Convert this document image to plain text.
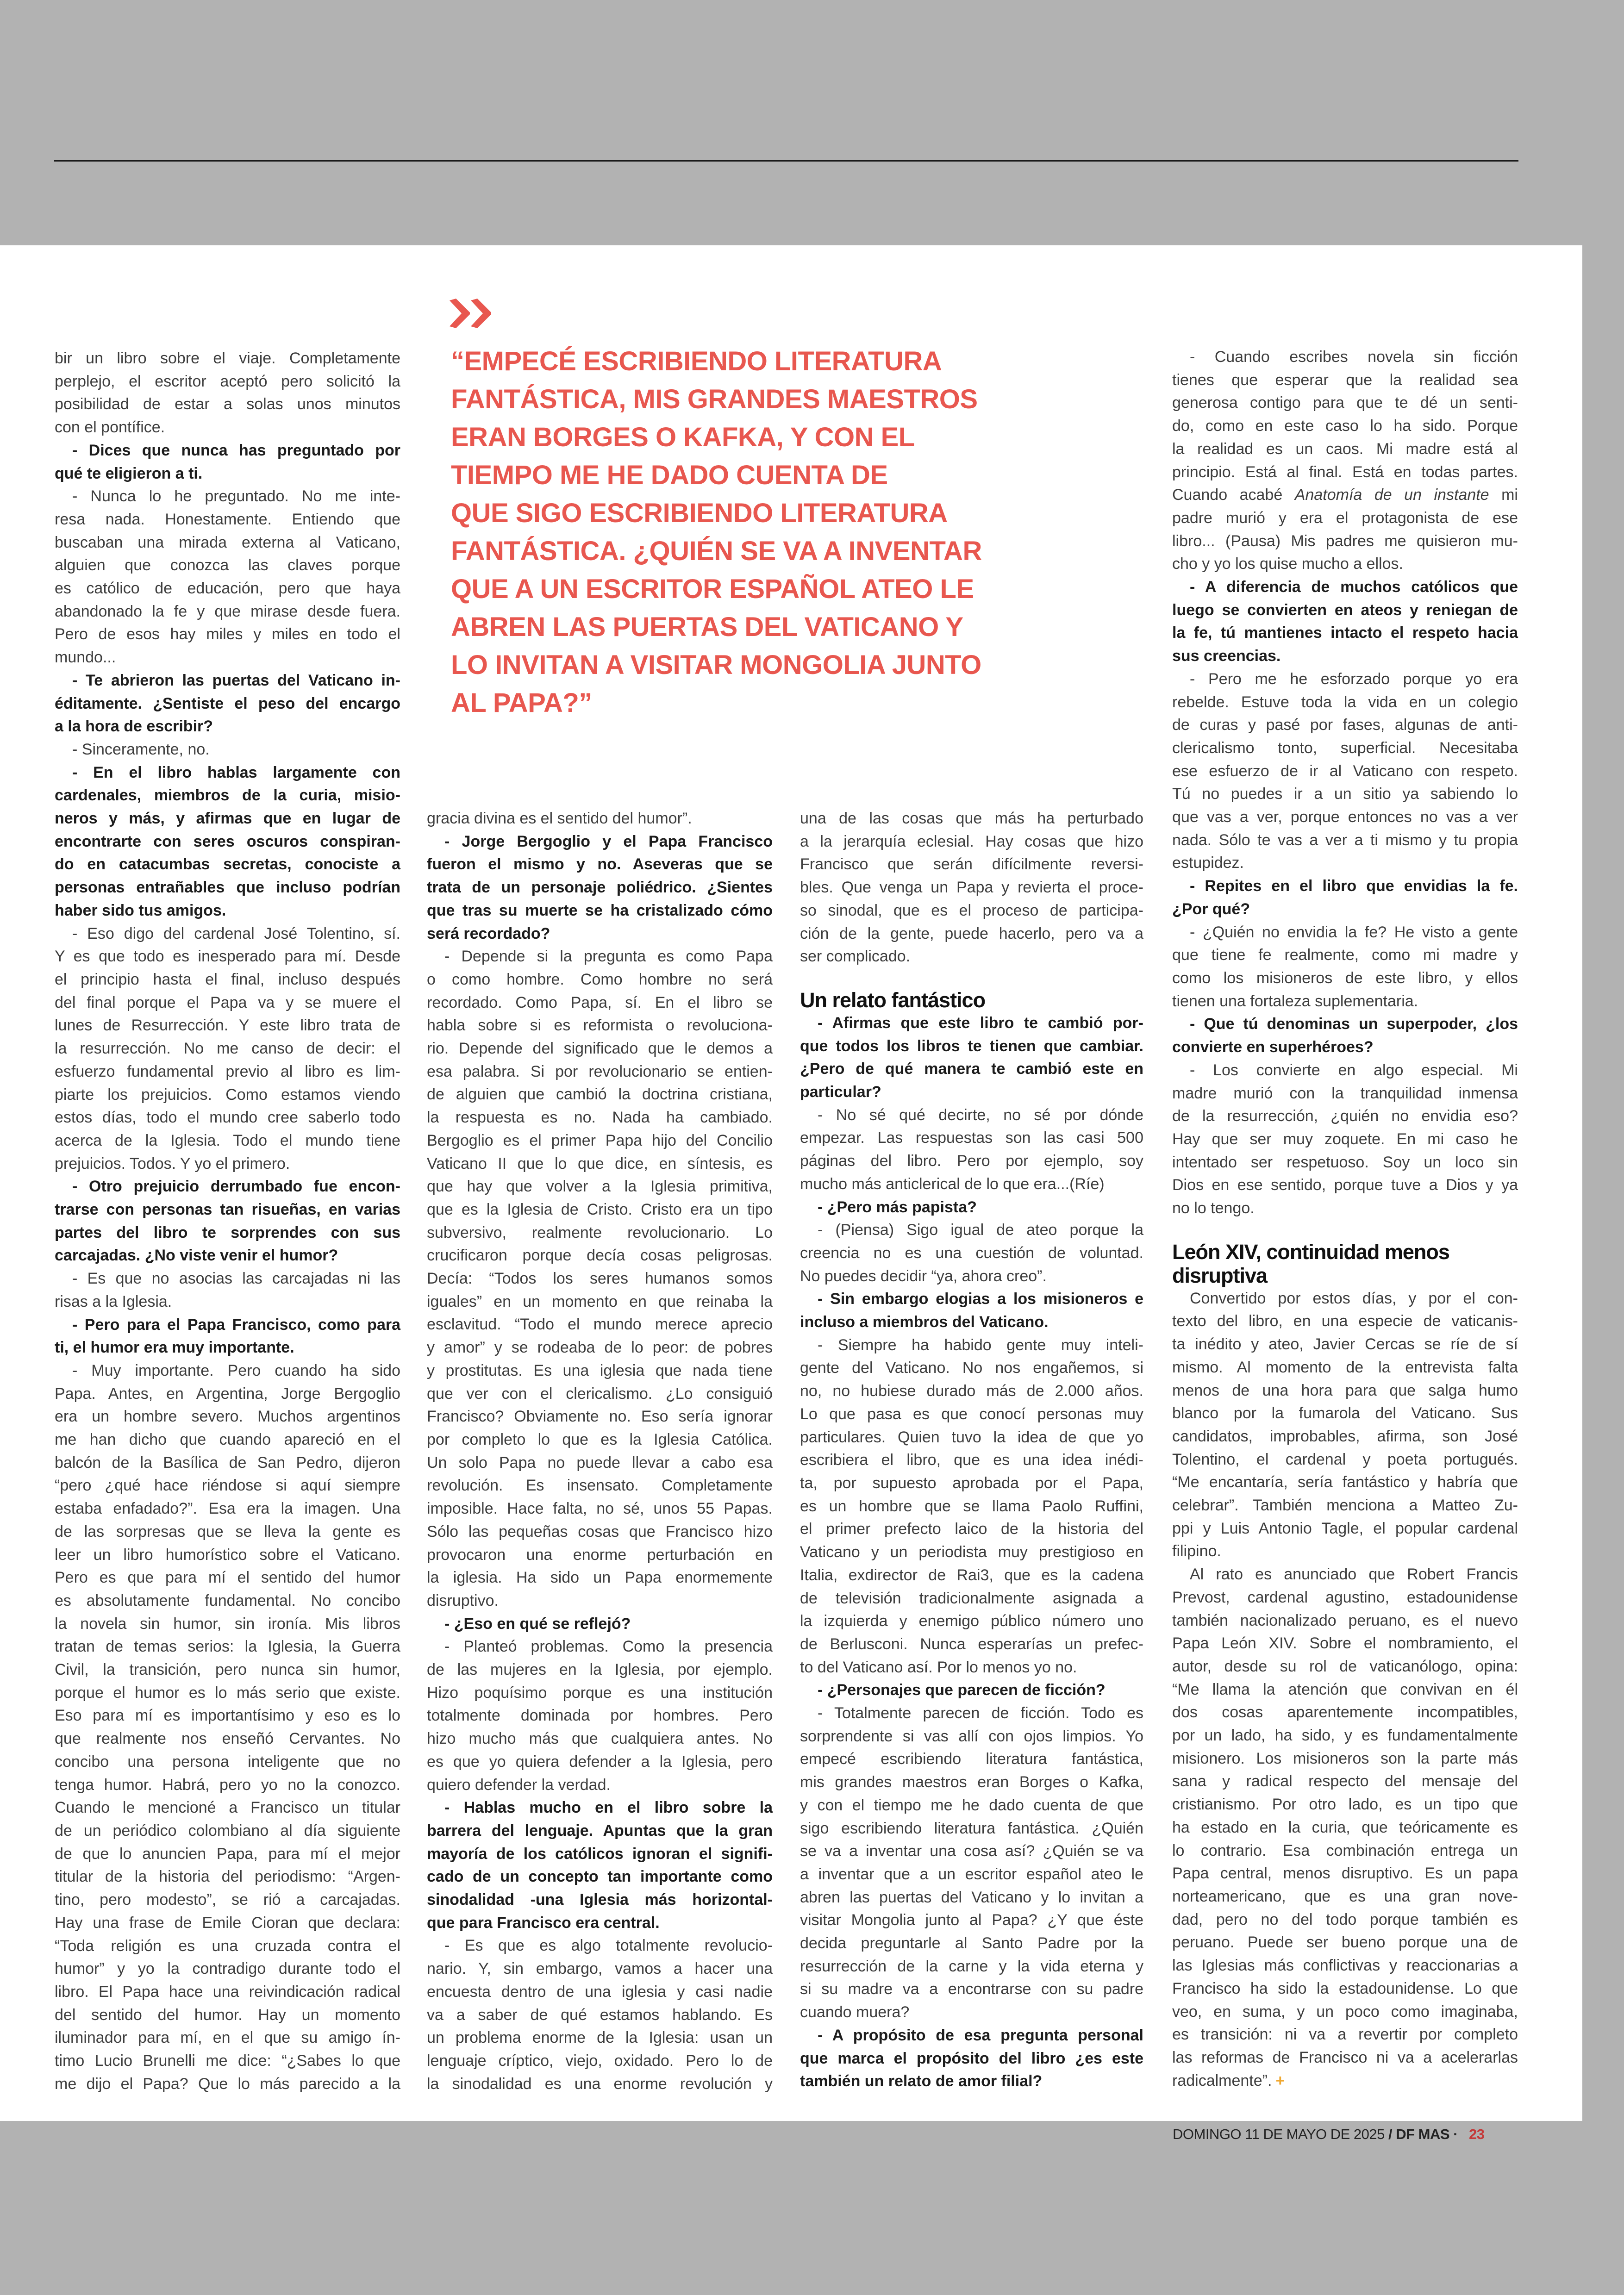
“EMPECÉ ESCRIBIENDO LITERATURA
FANTÁSTICA, MIS GRANDES MAESTROS
ERAN BORGES O KAFKA, Y CON EL
TIEMPO ME HE DADO CUENTA DE
QUE SIGO ESCRIBIENDO LITERATURA
FANTÁSTICA. ¿QUIÉN SE VA A INVENTAR
QUE A UN ESCRITOR ESPAÑOL ATEO LE
ABREN LAS PUERTAS DEL VATICANO Y
LO INVITAN A VISITAR MONGOLIA JUNTO
AL PAPA?”
bir un libro sobre el viaje. Completamente
perplejo, el escritor aceptó pero solicitó la
posibilidad de estar a solas unos minutos
con el pontífice.
- Dices que nunca has preguntado por
qué te eligieron a ti.
- Nunca lo he preguntado. No me inte-
resa nada. Honestamente. Entiendo que
buscaban una mirada externa al Vaticano,
alguien que conozca las claves porque
es católico de educación, pero que haya
abandonado la fe y que mirase desde fuera.
Pero de esos hay miles y miles en todo el
mundo...
- Te abrieron las puertas del Vaticano in-
éditamente. ¿Sentiste el peso del encargo
a la hora de escribir?
- Sinceramente, no.
- En el libro hablas largamente con
cardenales, miembros de la curia, misio-
neros y más, y afirmas que en lugar de
encontrarte con seres oscuros conspiran-
do en catacumbas secretas, conociste a
personas entrañables que incluso podrían
haber sido tus amigos.
- Eso digo del cardenal José Tolentino, sí.
Y es que todo es inesperado para mí. Desde
el principio hasta el final, incluso después
del final porque el Papa va y se muere el
lunes de Resurrección. Y este libro trata de
la resurrección. No me canso de decir: el
esfuerzo fundamental previo al libro es lim-
piarte los prejuicios. Como estamos viendo
estos días, todo el mundo cree saberlo todo
acerca de la Iglesia. Todo el mundo tiene
prejuicios. Todos. Y yo el primero.
- Otro prejuicio derrumbado fue encon-
trarse con personas tan risueñas, en varias
partes del libro te sorprendes con sus
carcajadas. ¿No viste venir el humor?
- Es que no asocias las carcajadas ni las
risas a la Iglesia.
- Pero para el Papa Francisco, como para
ti, el humor era muy importante.
- Muy importante. Pero cuando ha sido
Papa. Antes, en Argentina, Jorge Bergoglio
era un hombre severo. Muchos argentinos
me han dicho que cuando apareció en el
balcón de la Basílica de San Pedro, dijeron
“pero ¿qué hace riéndose si aquí siempre
estaba enfadado?”. Esa era la imagen. Una
de las sorpresas que se lleva la gente es
leer un libro humorístico sobre el Vaticano.
Pero es que para mí el sentido del humor
es absolutamente fundamental. No concibo
la novela sin humor, sin ironía. Mis libros
tratan de temas serios: la Iglesia, la Guerra
Civil, la transición, pero nunca sin humor,
porque el humor es lo más serio que existe.
Eso para mí es importantísimo y eso es lo
que realmente nos enseñó Cervantes. No
concibo una persona inteligente que no
tenga humor. Habrá, pero yo no la conozco.
Cuando le mencioné a Francisco un titular
de un periódico colombiano al día siguiente
de que lo anuncien Papa, para mí el mejor
titular de la historia del periodismo: “Argen-
tino, pero modesto”, se rió a carcajadas.
Hay una frase de Emile Cioran que declara:
“Toda religión es una cruzada contra el
humor” y yo la contradigo durante todo el
libro. El Papa hace una reivindicación radical
del sentido del humor. Hay un momento
iluminador para mí, en el que su amigo ín-
timo Lucio Brunelli me dice: “¿Sabes lo que
me dijo el Papa? Que lo más parecido a la
gracia divina es el sentido del humor”.
- Jorge Bergoglio y el Papa Francisco
fueron el mismo y no. Aseveras que se
trata de un personaje poliédrico. ¿Sientes
que tras su muerte se ha cristalizado cómo
será recordado?
- Depende si la pregunta es como Papa
o como hombre. Como hombre no será
recordado. Como Papa, sí. En el libro se
habla sobre si es reformista o revoluciona-
rio. Depende del significado que le demos a
esa palabra. Si por revolucionario se entien-
de alguien que cambió la doctrina cristiana,
la respuesta es no. Nada ha cambiado.
Bergoglio es el primer Papa hijo del Concilio
Vaticano II que lo que dice, en síntesis, es
que hay que volver a la Iglesia primitiva,
que es la Iglesia de Cristo. Cristo era un tipo
subversivo, realmente revolucionario. Lo
crucificaron porque decía cosas peligrosas.
Decía: “Todos los seres humanos somos
iguales” en un momento en que reinaba la
esclavitud. “Todo el mundo merece aprecio
y amor” y se rodeaba de lo peor: de pobres
y prostitutas. Es una iglesia que nada tiene
que ver con el clericalismo. ¿Lo consiguió
Francisco? Obviamente no. Eso sería ignorar
por completo lo que es la Iglesia Católica.
Un solo Papa no puede llevar a cabo esa
revolución. Es insensato. Completamente
imposible. Hace falta, no sé, unos 55 Papas.
Sólo las pequeñas cosas que Francisco hizo
provocaron una enorme perturbación en
la iglesia. Ha sido un Papa enormemente
disruptivo.
- ¿Eso en qué se reflejó?
- Planteó problemas. Como la presencia
de las mujeres en la Iglesia, por ejemplo.
Hizo poquísimo porque es una institución
totalmente dominada por hombres. Pero
hizo mucho más que cualquiera antes. No
es que yo quiera defender a la Iglesia, pero
quiero defender la verdad.
- Hablas mucho en el libro sobre la
barrera del lenguaje. Apuntas que la gran
mayoría de los católicos ignoran el signifi-
cado de un concepto tan importante como
sinodalidad -una Iglesia más horizontal-
que para Francisco era central.
- Es que es algo totalmente revolucio-
nario. Y, sin embargo, vamos a hacer una
encuesta dentro de una iglesia y casi nadie
va a saber de qué estamos hablando. Es
un problema enorme de la Iglesia: usan un
lenguaje críptico, viejo, oxidado. Pero lo de
la sinodalidad es una enorme revolución y
una de las cosas que más ha perturbado
a la jerarquía eclesial. Hay cosas que hizo
Francisco que serán difícilmente reversi-
bles. Que venga un Papa y revierta el proce-
so sinodal, que es el proceso de participa-
ción de la gente, puede hacerlo, pero va a
ser complicado.
Un relato fantástico
- Afirmas que este libro te cambió por-
que todos los libros te tienen que cambiar.
¿Pero de qué manera te cambió este en
particular?
- No sé qué decirte, no sé por dónde
empezar. Las respuestas son las casi 500
páginas del libro. Pero por ejemplo, soy
mucho más anticlerical de lo que era...(Ríe)
- ¿Pero más papista?
- (Piensa) Sigo igual de ateo porque la
creencia no es una cuestión de voluntad.
No puedes decidir “ya, ahora creo”.
- Sin embargo elogias a los misioneros e
incluso a miembros del Vaticano.
- Siempre ha habido gente muy inteli-
gente del Vaticano. No nos engañemos, si
no, no hubiese durado más de 2.000 años.
Lo que pasa es que conocí personas muy
particulares. Quien tuvo la idea de que yo
escribiera el libro, que es una idea inédi-
ta, por supuesto aprobada por el Papa,
es un hombre que se llama Paolo Ruffini,
el primer prefecto laico de la historia del
Vaticano y un periodista muy prestigioso en
Italia, exdirector de Rai3, que es la cadena
de televisión tradicionalmente asignada a
la izquierda y enemigo público número uno
de Berlusconi. Nunca esperarías un prefec-
to del Vaticano así. Por lo menos yo no.
- ¿Personajes que parecen de ficción?
- Totalmente parecen de ficción. Todo es
sorprendente si vas allí con ojos limpios. Yo
empecé escribiendo literatura fantástica,
mis grandes maestros eran Borges o Kafka,
y con el tiempo me he dado cuenta de que
sigo escribiendo literatura fantástica. ¿Quién
se va a inventar una cosa así? ¿Quién se va
a inventar que a un escritor español ateo le
abren las puertas del Vaticano y lo invitan a
visitar Mongolia junto al Papa? ¿Y que éste
decida preguntarle al Santo Padre por la
resurrección de la carne y la vida eterna y
si su madre va a encontrarse con su padre
cuando muera?
- A propósito de esa pregunta personal
que marca el propósito del libro ¿es este
también un relato de amor filial?
- Cuando escribes novela sin ficción
tienes que esperar que la realidad sea
generosa contigo para que te dé un senti-
do, como en este caso lo ha sido. Porque
la realidad es un caos. Mi madre está al
principio. Está al final. Está en todas partes.
Cuando acabé Anatomía de un instante mi
padre murió y era el protagonista de ese
libro... (Pausa) Mis padres me quisieron mu-
cho y yo los quise mucho a ellos.
- A diferencia de muchos católicos que
luego se convierten en ateos y reniegan de
la fe, tú mantienes intacto el respeto hacia
sus creencias.
- Pero me he esforzado porque yo era
rebelde. Estuve toda la vida en un colegio
de curas y pasé por fases, algunas de anti-
clericalismo tonto, superficial. Necesitaba
ese esfuerzo de ir al Vaticano con respeto.
Tú no puedes ir a un sitio ya sabiendo lo
que vas a ver, porque entonces no vas a ver
nada. Sólo te vas a ver a ti mismo y tu propia
estupidez.
- Repites en el libro que envidias la fe.
¿Por qué?
- ¿Quién no envidia la fe? He visto a gente
que tiene fe realmente, como mi madre y
como los misioneros de este libro, y ellos
tienen una fortaleza suplementaria.
- Que tú denominas un superpoder, ¿los
convierte en superhéroes?
- Los convierte en algo especial. Mi
madre murió con la tranquilidad inmensa
de la resurrección, ¿quién no envidia eso?
Hay que ser muy zoquete. En mi caso he
intentado ser respetuoso. Soy un loco sin
Dios en ese sentido, porque tuve a Dios y ya
no lo tengo.
León XIV, continuidad menos
disruptiva
Convertido por estos días, y por el con-
texto del libro, en una especie de vaticanis-
ta inédito y ateo, Javier Cercas se ríe de sí
mismo. Al momento de la entrevista falta
menos de una hora para que salga humo
blanco por la fumarola del Vaticano. Sus
candidatos, improbables, afirma, son José
Tolentino, el cardenal y poeta portugués.
“Me encantaría, sería fantástico y habría que
celebrar”. También menciona a Matteo Zu-
ppi y Luis Antonio Tagle, el popular cardenal
filipino.
Al rato es anunciado que Robert Francis
Prevost, cardenal agustino, estadounidense
también nacionalizado peruano, es el nuevo
Papa León XIV. Sobre el nombramiento, el
autor, desde su rol de vaticanólogo, opina:
“Me llama la atención que convivan en él
dos cosas aparentemente incompatibles,
por un lado, ha sido, y es fundamentalmente
misionero. Los misioneros son la parte más
sana y radical respecto del mensaje del
cristianismo. Por otro lado, es un tipo que
ha estado en la curia, que teóricamente es
lo contrario. Esa combinación entrega un
Papa central, menos disruptivo. Es un papa
norteamericano, que es una gran nove-
dad, pero no del todo porque también es
peruano. Puede ser bueno porque una de
las Iglesias más conflictivas y reaccionarias a
Francisco ha sido la estadounidense. Lo que
veo, en suma, y un poco como imaginaba,
es transición: ni va a revertir por completo
las reformas de Francisco ni va a acelerarlas
radicalmente”. +
DOMINGO 11 DE MAYO DE 2025 / DF MAS · 23
